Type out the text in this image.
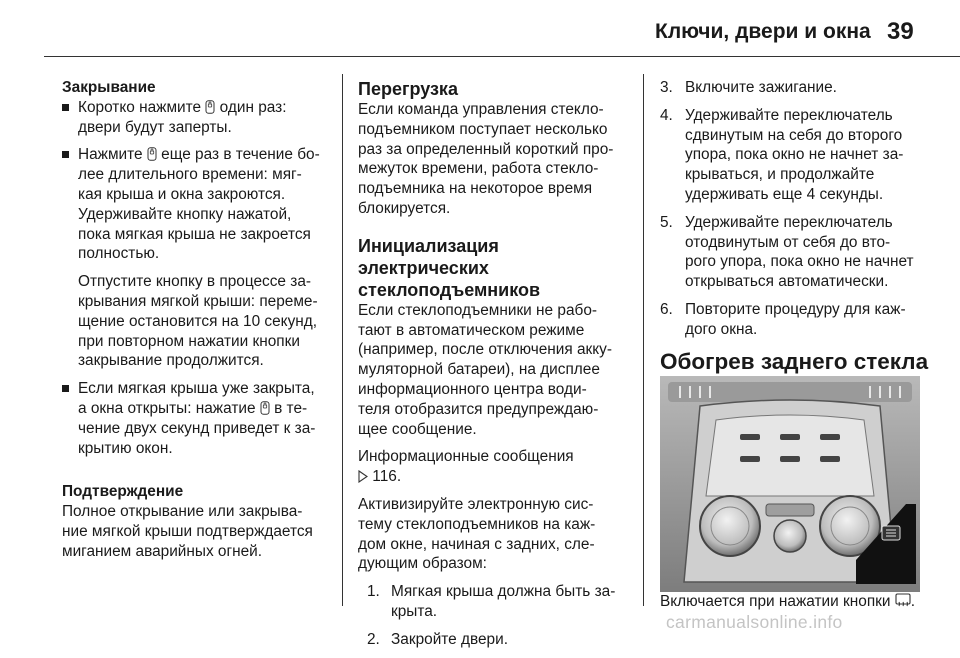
Ключи, двери и окна 39

Закрывание

Коротко нажмите один раз:
двери будут заперты.

Нажмите еще раз в течение бо-
лее длительного времени: мяг-
кая крыша и окна закроются.
Удерживайте кнопку нажатой,
пока мягкая крыша не закроется
полностью.

Отпустите кнопку в процессе за-
крывания мягкой крыши: переме-
щение остановится на 10 секунд,
при повторном нажатии кнопки
закрывание продолжится.

Если мягкая крыша уже закрыта,
а окна открыты: нажатие в те-
чение двух секунд приведет к за-
крытию окон.

Подтверждение

Полное открывание или закрыва-
ние мягкой крыши подтверждается
миганием аварийных огней.

Перегрузка

Если команда управления стекло-
подъемником поступает несколько
раз за определенный короткий про-
межуток времени, работа стекло-
подъемника на некоторое время
блокируется.

Инициализация
электрических
стеклоподъемников

Если стеклоподъемники не рабо-
тают в автоматическом режиме
(например, после отключения акку-
муляторной батареи), на дисплее
информационного центра води-
теля отобразится предупреждаю-
щее сообщение.

Информационные сообщения
116.

Активизируйте электронную сис-
тему стеклоподъемников на каж-
дом окне, начиная с задних, сле-
дующим образом:

1. Мягкая крыша должна быть за-
крыта.

2. Закройте двери.

3. Включите зажигание.

4. Удерживайте переключатель
сдвинутым на себя до второго
упора, пока окно не начнет за-
крываться, и продолжайте
удерживать еще 4 секунды.

5. Удерживайте переключатель
отодвинутым от себя до вто-
рого упора, пока окно не начнет
открываться автоматически.

6. Повторите процедуру для каж-
дого окна.

Обогрев заднего стекла

Включается при нажатии кнопки .

carmanualsonline.info
